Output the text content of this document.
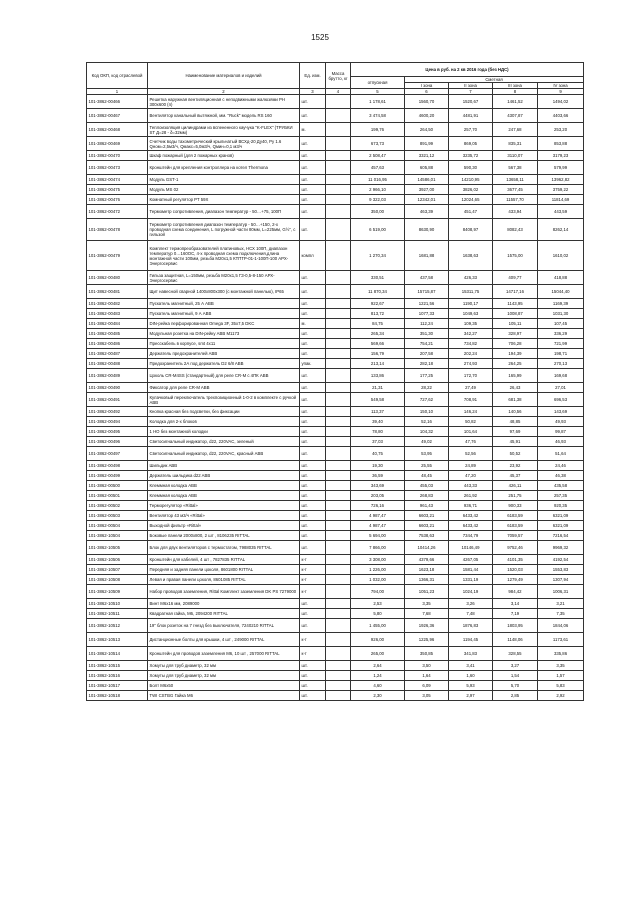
1525
Код ОКП, код отраслевой	Наименование материалов и изделий	Ед. изм.	Масса брутто, кг	Цена в руб. на 2 кв 2016 года (без НДС)				
				отпускная	Сметная			
					I зона	II зона	III зона	IV зона
1	2	3	4	5	6	7	8	9
101-3862-00466	Решетка наружная вентиляционная с неподвижными жалюзями РН 300х600 (п)	шт.		1 178,61	1560,70	1520,67	1461,52	1494,02
101-3862-00467	Вентилятор канальный вытяжной, мм. "Ruck" модель RS 160	шт.		3 474,58	4600,20	4481,91	4307,87	4403,66
101-3862-00468	Теплоизоляция цилиндрами из вспененного каучука "K-FLEX" (ТРУБКИ ST Д=28 - δ=32мм)	м.		199,76	264,50	257,70	247,68	253,20
101-3862-00469	Счетчик воды тахометрический крыльчатый ВСХд-20 Ду40, Ру 1.6 Qном=2,5м3/ч, Qмакс=5,0м3/ч, Qмин=0,1 м3/ч	шт.		673,73	891,99	869,05	835,31	853,88
101-3862-00470	Шкаф пожарный (для 2 пожарных кранов)	шт.		2 508,47	3321,12	3235,72	3110,07	3179,23
101-3862-00473	Кронштейн для крепления контроллера на котел Thermona	шт.		457,63	605,88	590,30	567,38	579,99
101-3862-00474	Модуль GST-1	шт.		11 016,95	14586,01	14210,95	13658,11	13962,82
101-3862-00475	Модуль MS 02	шт.		2 966,10	3927,00	3826,02	3677,45	3759,22
101-3862-00476	Комнатный регулятор PT 59X	шт.		9 322,03	12342,01	12024,65	11557,70	11814,69
101-3862-00472	Термометр сопротивления, диапазон температур - 50…+75, 100П	шт.		350,00	463,39	451,47	433,94	443,59
101-3862-00478	Термометр сопротивления диапазон температур - 50…+150, 2-х проводная схема соединения, L погружной части 80мм, L=225мм, G½", с гильзой	шт.		6 519,00	8630,90	8408,97	8082,43	8262,14
101-3862-00479	Комплект термопреобразователей платиновых, НСХ 100П, диапазон температур 0…160ОС, 4-х проводная схема подключения,длина монтажной части 100мм, резьба М20х1,5 КТПТР-01-1-100П-100 АРХ-Энергосервис	компл		1 270,34	1681,88	1638,63	1575,00	1610,02
101-3862-00480	Гильза защитная, L=150мм, резьба М20х1,5 ГЗ-0,5-8-150 АРХ-Энергосервис	шт.		330,51	437,58	426,33	409,77	418,88
101-3862-00481	Щит навесной сварной 1400х800х300 (с монтажной панелью), IP65	шт.		11 870,34	15715,87	15311,75	14717,16	15044,40
101-3862-00482	Пускатель магнитный, 25 А ABB	шт.		922,67	1221,56	1190,17	1143,95	1169,39
101-3862-00483	Пускатель магнитный, 9 А ABB	шт.		813,72	1077,33	1049,63	1008,87	1031,30
101-3862-00484	DIN-рейка перфорированная Omega 3F, 35х7,5 DKC	м.		84,75	112,24	109,35	105,11	107,45
101-3862-00485	Модульная розетка на DIN-рейку ABB M1173	шт.		265,34	351,30	342,27	328,97	336,29
101-3862-00486	Пресскабель в корпусе, smt 4x11	шт.		569,66	754,21	734,82	706,28	721,99
101-3862-00487	Держатель предохранителей ABB	шт.		156,79	207,58	202,24	194,39	198,71
101-3862-00488	Предохранитель 2А под держатель D2 6/8 ABB	упак.		213,14	282,18	274,93	264,25	270,13
101-3862-00489	Цоколь CR-M4SS (стандартный) для реле CR-M с 4ПК ABB	шт.		133,86	177,25	172,70	165,99	169,68
101-3862-00490	Фиксатор для реле CR-M ABB	шт.		21,31	28,22	27,49	26,43	27,01
101-3862-00491	Кулачковый переключатель трехпозиционный 1-0-2 в комплекте с ручкой ABB	шт.		549,58	727,62	708,91	681,38	696,53
101-3862-00492	Кнопка красная без подсветки, без фиксации	шт.		113,37	150,10	146,24	140,56	143,69
101-3862-00494	Колодка для 2-х блоков	шт.		39,40	52,16	50,82	48,85	49,93
101-3862-00495	1 НО без монтажной колодки	шт.		78,80	104,32	101,64	97,69	99,87
101-3862-00496	Светосигнальный индикатор, d22, 220VAC, зеленый	шт.		37,03	49,02	47,76	45,91	46,93
101-3862-00497	Светосигнальный индикатор, d22, 220VAC, красный ABB	шт.		40,75	53,95	52,56	50,52	51,64
101-3862-00498	Шильдик ABB	шт.		19,30	25,55	24,89	23,92	24,46
101-3862-00499	Держатель шильдика d22 ABB	шт.		36,59	48,45	47,20	45,37	46,38
101-3862-00500	Клеммная колодка ABB	шт.		343,69	455,03	443,33	426,11	435,58
101-3862-00501	Клеммная колодка ABB	шт.		203,05	268,83	261,92	251,75	257,35
101-3862-00502	Терморегулятор «Rittal»	шт.		726,16	961,43	936,71	900,33	920,35
101-3862-00503	Вентилятор 43 м3/ч «Rittal»	шт.		4 987,47	6603,21	6433,42	6183,59	6321,09
101-3862-00504	Выходной фильтр «Rittal»	шт.		4 987,47	6603,21	6433,42	6183,59	6321,09
101-3862-10504	Боковые панели 2000х800, 2 шт , 8106235 RITTAL	шт.		5 694,00	7538,63	7344,79	7059,57	7216,54
101-3862-10505	Блок для двух вентиляторов с термостатом, 7988035 RITTAL	шт.		7 866,00	10414,26	10146,49	9752,46	9969,32
101-3862-10506	Кронштейн для кабелей, 4 шт , 7827835 RITTAL	к-т		3 308,00	4379,66	4267,05	4101,35	4192,54
101-3862-10507	Передняя и задняя панели цоколя, 8601800 RITTAL	к-т		1 226,00	1623,18	1581,44	1520,03	1553,83
101-3862-10508	Левая и правая панели цоколя, 8601085 RITTAL	к-т		1 032,00	1366,31	1331,19	1279,49	1307,94
101-3862-10509	Набор проводов заземления, Rittal Комплект заземления DK PS 7279000	к-т		794,00	1051,23	1024,19	984,42	1006,31
101-3862-10510	Винт М6х16 мм, 2089000	шт.		2,53	3,35	3,26	3,14	3,21
101-3862-10511	Квадратная гайка, М6, 2094200 RITTAL	шт.		5,80	7,68	7,48	7,19	7,35
101-3862-10512	19" блок розеток на 7 гнезд без выключателя, 7240210 RITTAL	шт.		1 455,00	1926,36	1876,83	1803,95	1844,06
101-3862-10513	Дистанционные болты для крышки, 4 шт , 249000 RITTAL	к-т		926,00	1225,96	1194,45	1148,06	1173,61
101-3862-10514	Кронштейн для проводов заземления М6, 10 шт , 257000 RITTAL	к-т		265,00	350,85	341,83	328,55	335,86
101-3862-10515	Хомуты для труб диаметр, 32 мм	шт.		2,64	3,50	3,41	3,27	3,35
101-3862-10516	Хомуты для труб диаметр, 32 мм	шт.		1,24	1,64	1,60	1,54	1,57
101-3862-10517	Болт М6х50	шт.		4,60	6,09	5,93	5,70	5,83
101-3862-10518	TWI CSTBG Гайка М6	шт.		2,30	3,05	2,97	2,85	2,92
